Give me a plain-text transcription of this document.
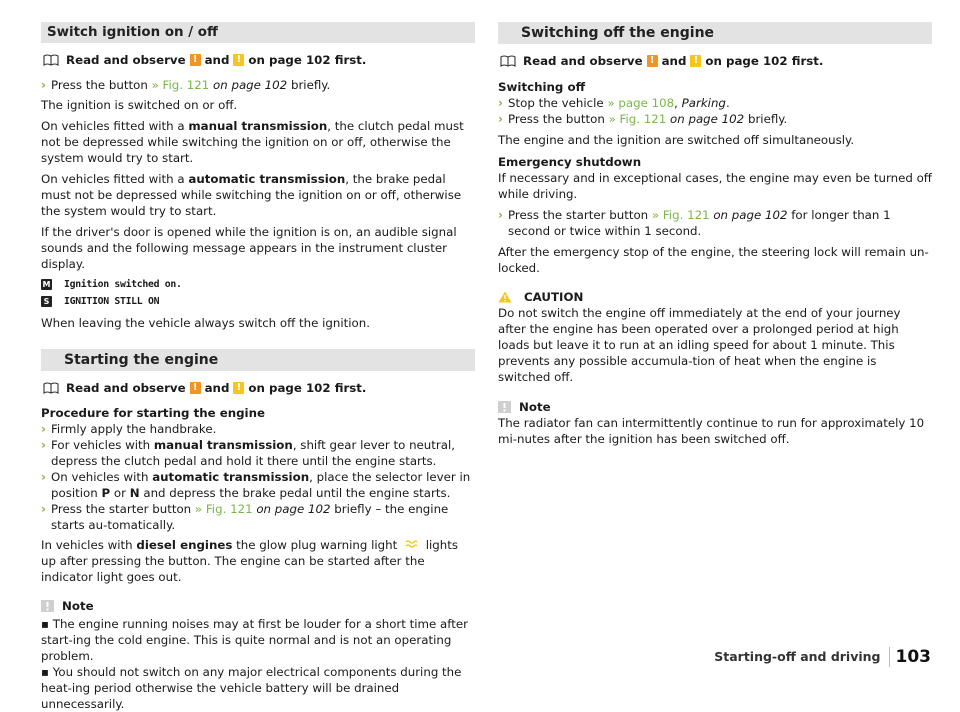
Switch ignition on / off
Read and observe ! and ! on page 102 first.
› Press the button » Fig. 121 on page 102 briefly.

The ignition is switched on or off.

On vehicles fitted with a manual transmission, the clutch pedal must not be depressed while switching the ignition on or off, otherwise the system would try to start.

On vehicles fitted with a automatic transmission, the brake pedal must not be depressed while switching the ignition on or off, otherwise the system would try to start.

If the driver's door is opened while the ignition is on, an audible signal sounds and the following message appears in the instrument cluster display.

M Ignition switched on.
S IGNITION STILL ON

When leaving the vehicle always switch off the ignition.

Starting the engine
Read and observe ! and ! on page 102 first.
Procedure for starting the engine
› Firmly apply the handbrake.
› For vehicles with manual transmission, shift gear lever to neutral, depress the clutch pedal and hold it there until the engine starts.
› On vehicles with automatic transmission, place the selector lever in position P or N and depress the brake pedal until the engine starts.
› Press the starter button » Fig. 121 on page 102 briefly – the engine starts au-tomatically.

In vehicles with diesel engines the glow plug warning light  lights up after pressing the button. The engine can be started after the indicator light goes out.

Note

▪ The engine running noises may at first be louder for a short time after start-ing the cold engine. This is quite normal and is not an operating problem.

▪ You should not switch on any major electrical components during the heat-ing period otherwise the vehicle battery will be drained unnecessarily.

Switching off the engine
Read and observe ! and ! on page 102 first.
Switching off
› Stop the vehicle » page 108, Parking.
› Press the button » Fig. 121 on page 102 briefly.

The engine and the ignition are switched off simultaneously.

Emergency shutdown

If necessary and in exceptional cases, the engine may even be turned off while driving.

› Press the starter button » Fig. 121 on page 102 for longer than 1 second or twice within 1 second.

After the emergency stop of the engine, the steering lock will remain un-locked.

CAUTION

Do not switch the engine off immediately at the end of your journey after the engine has been operated over a prolonged period at high loads but leave it to run at an idling speed for about 1 minute. This prevents any possible accumula-tion of heat when the engine is switched off.

Note

The radiator fan can intermittently continue to run for approximately 10 mi-nutes after the ignition has been switched off.

Starting-off and driving 103
